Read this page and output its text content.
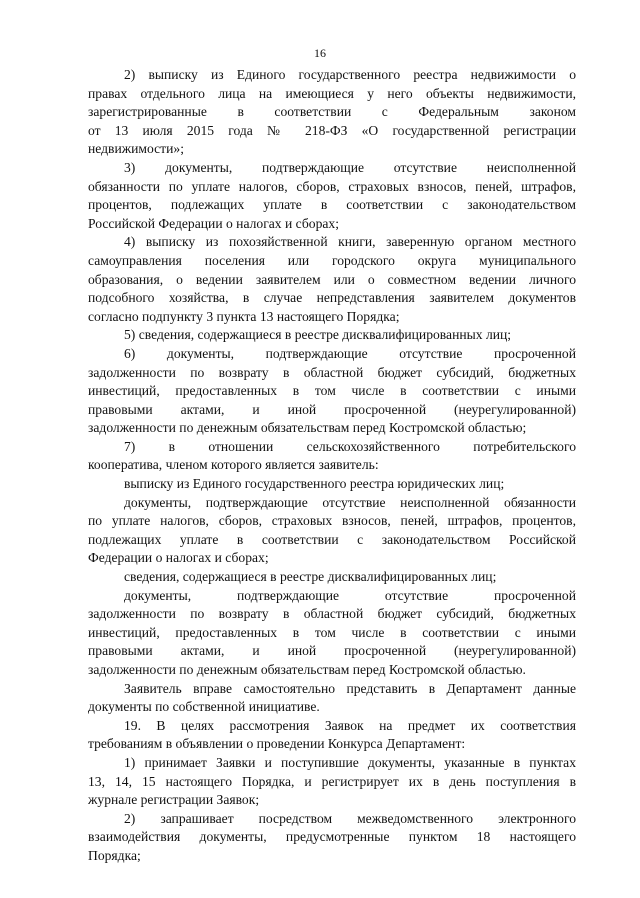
16
2) выписку из Единого государственного реестра недвижимости о
правах отдельного лица на имеющиеся у него объекты недвижимости,
зарегистрированные в соответствии с Федеральным законом
от 13 июля 2015 года № 218-ФЗ «О государственной регистрации
недвижимости»;
3) документы, подтверждающие отсутствие неисполненной
обязанности по уплате налогов, сборов, страховых взносов, пеней, штрафов,
процентов, подлежащих уплате в соответствии с законодательством
Российской Федерации о налогах и сборах;
4) выписку из похозяйственной книги, заверенную органом местного
самоуправления поселения или городского округа муниципального
образования, о ведении заявителем или о совместном ведении личного
подсобного хозяйства, в случае непредставления заявителем документов
согласно подпункту 3 пункта 13 настоящего Порядка;
5) сведения, содержащиеся в реестре дисквалифицированных лиц;
6) документы, подтверждающие отсутствие просроченной
задолженности по возврату в областной бюджет субсидий, бюджетных
инвестиций, предоставленных в том числе в соответствии с иными
правовыми актами, и иной просроченной (неурегулированной)
задолженности по денежным обязательствам перед Костромской областью;
7) в отношении сельскохозяйственного потребительского
кооператива, членом которого является заявитель:
выписку из Единого государственного реестра юридических лиц;
документы, подтверждающие отсутствие неисполненной обязанности
по уплате налогов, сборов, страховых взносов, пеней, штрафов, процентов,
подлежащих уплате в соответствии с законодательством Российской
Федерации о налогах и сборах;
сведения, содержащиеся в реестре дисквалифицированных лиц;
документы, подтверждающие отсутствие просроченной
задолженности по возврату в областной бюджет субсидий, бюджетных
инвестиций, предоставленных в том числе в соответствии с иными
правовыми актами, и иной просроченной (неурегулированной)
задолженности по денежным обязательствам перед Костромской областью.
Заявитель вправе самостоятельно представить в Департамент данные
документы по собственной инициативе.
19. В целях рассмотрения Заявок на предмет их соответствия
требованиям в объявлении о проведении Конкурса Департамент:
1) принимает Заявки и поступившие документы, указанные в пунктах
13, 14, 15 настоящего Порядка, и регистрирует их в день поступления в
журнале регистрации Заявок;
2) запрашивает посредством межведомственного электронного
взаимодействия документы, предусмотренные пунктом 18 настоящего
Порядка;
